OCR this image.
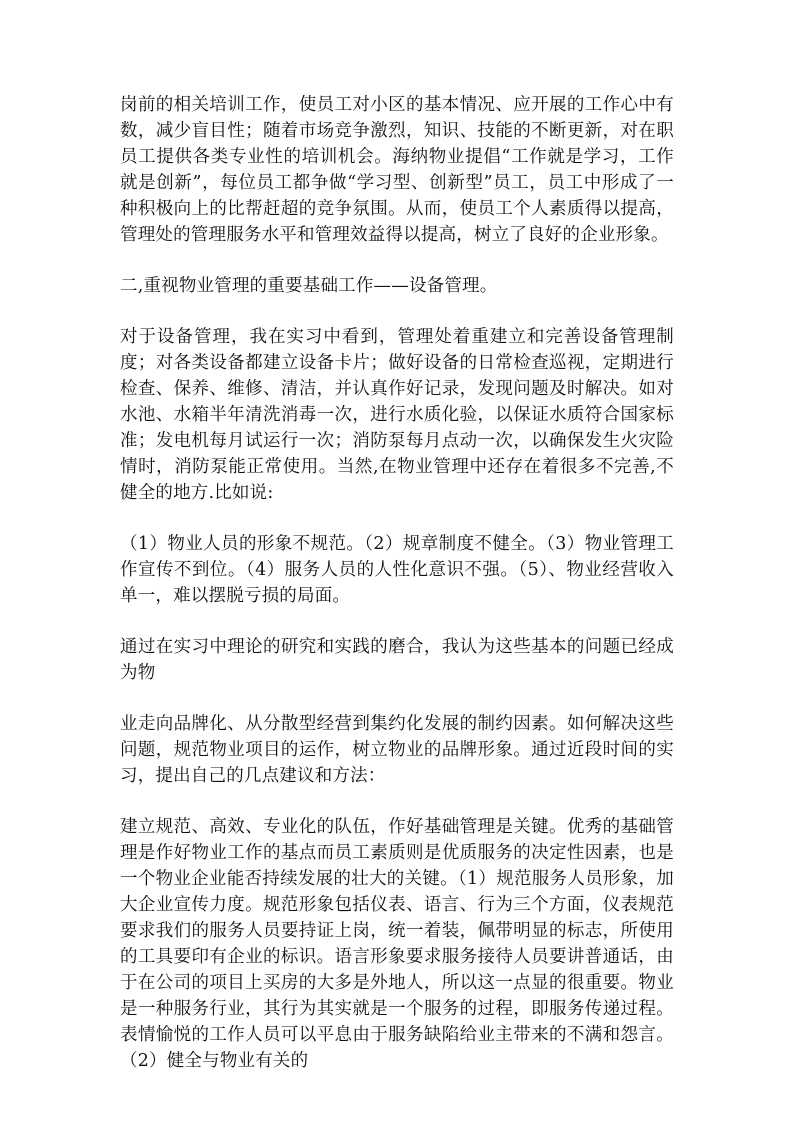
岗前的相关培训工作，使员工对小区的基本情况、应开展的工作心中有数，减少盲目性；随着市场竞争激烈，知识、技能的不断更新，对在职员工提供各类专业性的培训机会。海纳物业提倡“工作就是学习，工作就是创新”，每位员工都争做“学习型、创新型”员工，员工中形成了一种积极向上的比帮赶超的竞争氛围。从而，使员工个人素质得以提高，管理处的管理服务水平和管理效益得以提高，树立了良好的企业形象。

二,重视物业管理的重要基础工作——设备管理。

对于设备管理，我在实习中看到，管理处着重建立和完善设备管理制度；对各类设备都建立设备卡片；做好设备的日常检查巡视，定期进行检查、保养、维修、清洁，并认真作好记录，发现问题及时解决。如对水池、水箱半年清洗消毒一次，进行水质化验，以保证水质符合国家标准；发电机每月试运行一次；消防泵每月点动一次，以确保发生火灾险情时，消防泵能正常使用。当然,在物业管理中还存在着很多不完善,不健全的地方.比如说:

（1）物业人员的形象不规范。（2）规章制度不健全。（3）物业管理工作宣传不到位。（4）服务人员的人性化意识不强。（5）、物业经营收入单一，难以摆脱亏损的局面。

通过在实习中理论的研究和实践的磨合，我认为这些基本的问题已经成为物

业走向品牌化、从分散型经营到集约化发展的制约因素。如何解决这些问题，规范物业项目的运作，树立物业的品牌形象。通过近段时间的实习，提出自己的几点建议和方法：

建立规范、高效、专业化的队伍，作好基础管理是关键。优秀的基础管理是作好物业工作的基点而员工素质则是优质服务的决定性因素，也是一个物业企业能否持续发展的壮大的关键。（1）规范服务人员形象，加大企业宣传力度。规范形象包括仪表、语言、行为三个方面，仪表规范要求我们的服务人员要持证上岗，统一着装，佩带明显的标志，所使用的工具要印有企业的标识。语言形象要求服务接待人员要讲普通话，由于在公司的项目上买房的大多是外地人，所以这一点显的很重要。物业是一种服务行业，其行为其实就是一个服务的过程，即服务传递过程。表情愉悦的工作人员可以平息由于服务缺陷给业主带来的不满和怨言。（2）健全与物业有关的
